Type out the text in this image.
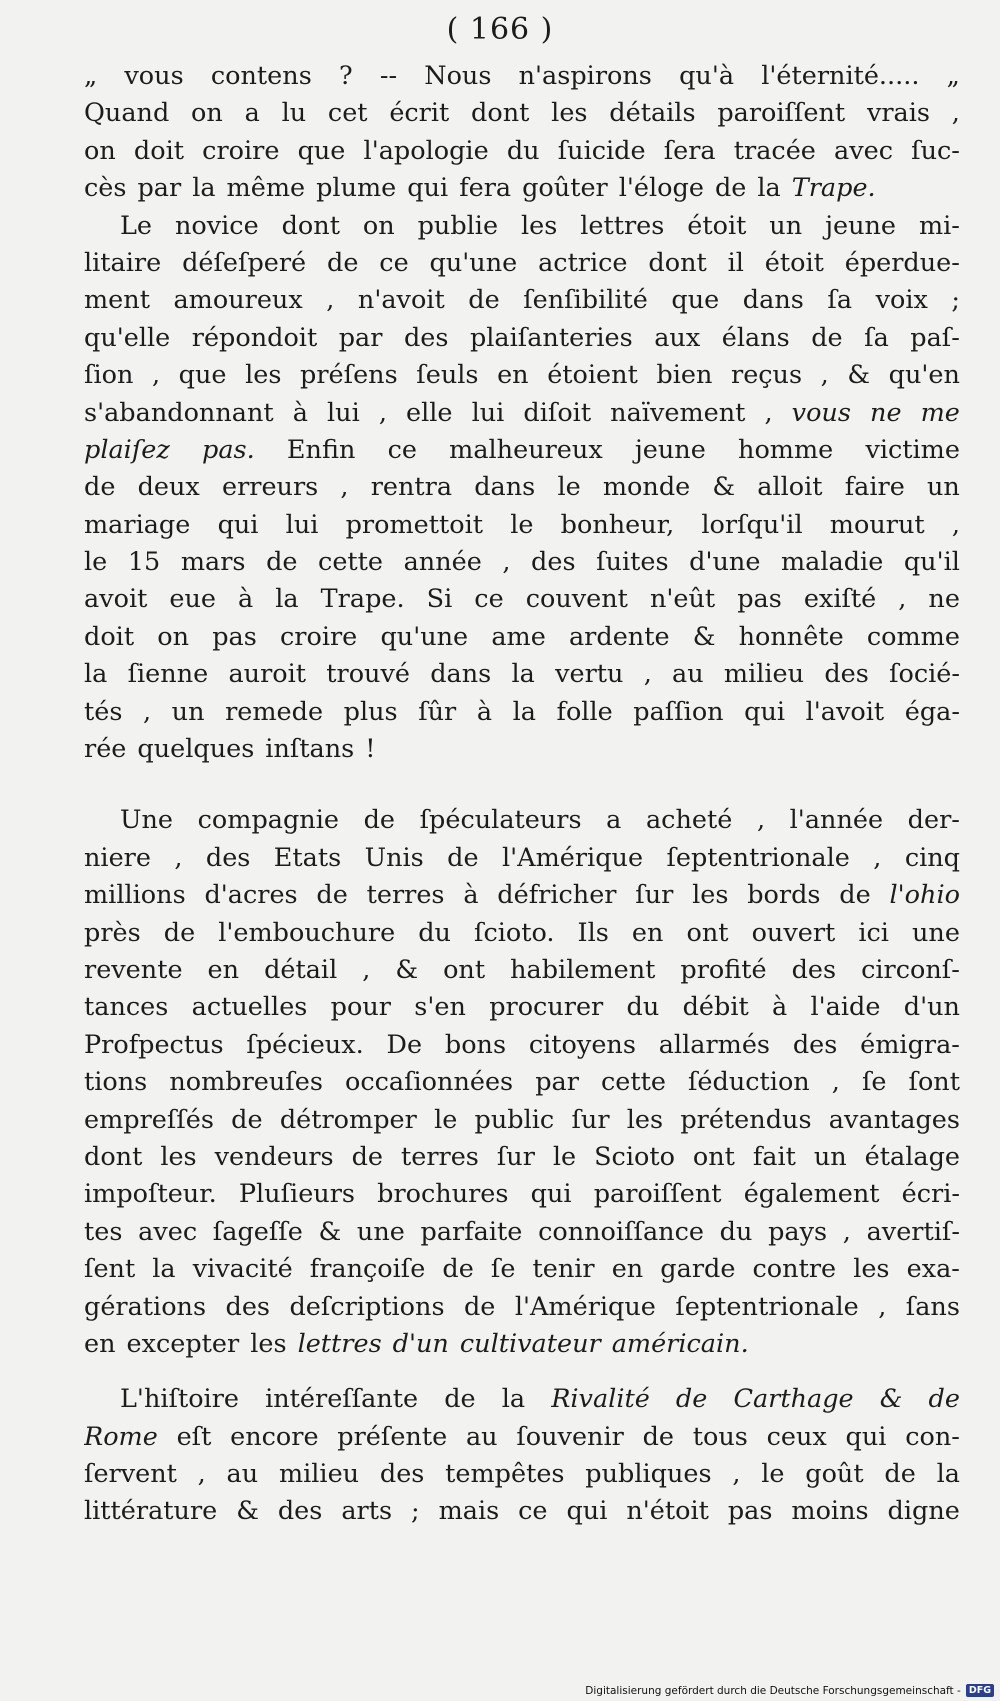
( 166 )
„ vous contens ? -- Nous n'aspirons qu'à l'éternité..... „
Quand on a lu cet écrit dont les détails paroiſſent vrais ,
on doit croire que l'apologie du ſuicide ſera tracée avec ſuc-
cès par la même plume qui fera goûter l'éloge de la Trape.
Le novice dont on publie les lettres étoit un jeune mi-
litaire déſeſperé de ce qu'une actrice dont il étoit éperdue-
ment amoureux , n'avoit de ſenſibilité que dans ſa voix ;
qu'elle répondoit par des plaiſanteries aux élans de ſa paſ-
ſion , que les préſens ſeuls en étoient bien reçus , & qu'en
s'abandonnant à lui , elle lui diſoit naïvement , vous ne me
plaiſez pas. Enfin ce malheureux jeune homme victime
de deux erreurs , rentra dans le monde & alloit faire un
mariage qui lui promettoit le bonheur, lorſqu'il mourut ,
le 15 mars de cette année , des ſuites d'une maladie qu'il
avoit eue à la Trape. Si ce couvent n'eût pas exiſté , ne
doit on pas croire qu'une ame ardente & honnête comme
la ſienne auroit trouvé dans la vertu , au milieu des ſocié-
tés , un remede plus ſûr à la folle paſſion qui l'avoit éga-
rée quelques inſtans !
Une compagnie de ſpéculateurs a acheté , l'année der-
niere , des Etats Unis de l'Amérique ſeptentrionale , cinq
millions d'acres de terres à défricher ſur les bords de l'ohio
près de l'embouchure du ſcioto. Ils en ont ouvert ici une
revente en détail , & ont habilement profité des circonſ-
tances actuelles pour s'en procurer du débit à l'aide d'un
Profpectus ſpécieux. De bons citoyens allarmés des émigra-
tions nombreuſes occaſionnées par cette ſéduction , ſe ſont
empreſſés de détromper le public ſur les prétendus avantages
dont les vendeurs de terres ſur le Scioto ont fait un étalage
impoſteur. Pluſieurs brochures qui paroiſſent également écri-
tes avec ſageſſe & une parfaite connoiſſance du pays , avertiſ-
ſent la vivacité françoiſe de ſe tenir en garde contre les exa-
gérations des deſcriptions de l'Amérique ſeptentrionale , ſans
en excepter les lettres d'un cultivateur américain.
L'hiſtoire intéreſſante de la Rivalité de Carthage & de
Rome eſt encore préſente au ſouvenir de tous ceux qui con-
ſervent , au milieu des tempêtes publiques , le goût de la
littérature & des arts ; mais ce qui n'étoit pas moins digne
Digitalisierung gefördert durch die Deutsche Forschungsgemeinschaft - DFG
